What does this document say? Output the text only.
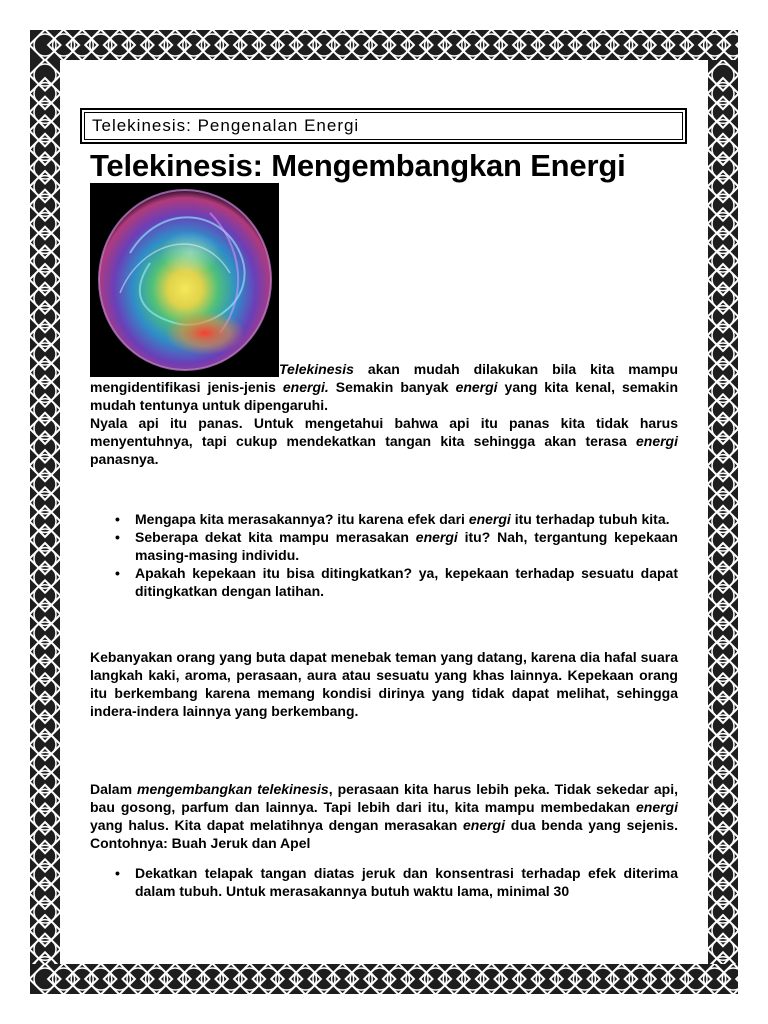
Telekinesis: Pengenalan Energi
Telekinesis: Mengembangkan Energi

Telekinesis akan mudah dilakukan bila kita mampu mengidentifikasi jenis-jenis energi. Semakin banyak energi yang kita kenal, semakin mudah tentunya untuk dipengaruhi.

Nyala api itu panas. Untuk mengetahui bahwa api itu panas kita tidak harus menyentuhnya, tapi cukup mendekatkan tangan kita sehingga akan terasa energi panasnya.

• Mengapa kita merasakannya? itu karena efek dari energi itu terhadap tubuh kita.
• Seberapa dekat kita mampu merasakan energi itu? Nah, tergantung kepekaan masing-masing individu.
• Apakah kepekaan itu bisa ditingkatkan? ya, kepekaan terhadap sesuatu dapat ditingkatkan dengan latihan.

Kebanyakan orang yang buta dapat menebak teman yang datang, karena dia hafal suara langkah kaki, aroma, perasaan, aura atau sesuatu yang khas lainnya. Kepekaan orang itu berkembang karena memang kondisi dirinya yang tidak dapat melihat, sehingga indera-indera lainnya yang berkembang.

Dalam mengembangkan telekinesis, perasaan kita harus lebih peka. Tidak sekedar api, bau gosong, parfum dan lainnya. Tapi lebih dari itu, kita mampu membedakan energi yang halus. Kita dapat melatihnya dengan merasakan energi dua benda yang sejenis. Contohnya: Buah Jeruk dan Apel

• Dekatkan telapak tangan diatas jeruk dan konsentrasi terhadap efek diterima dalam tubuh. Untuk merasakannya butuh waktu lama, minimal 30
